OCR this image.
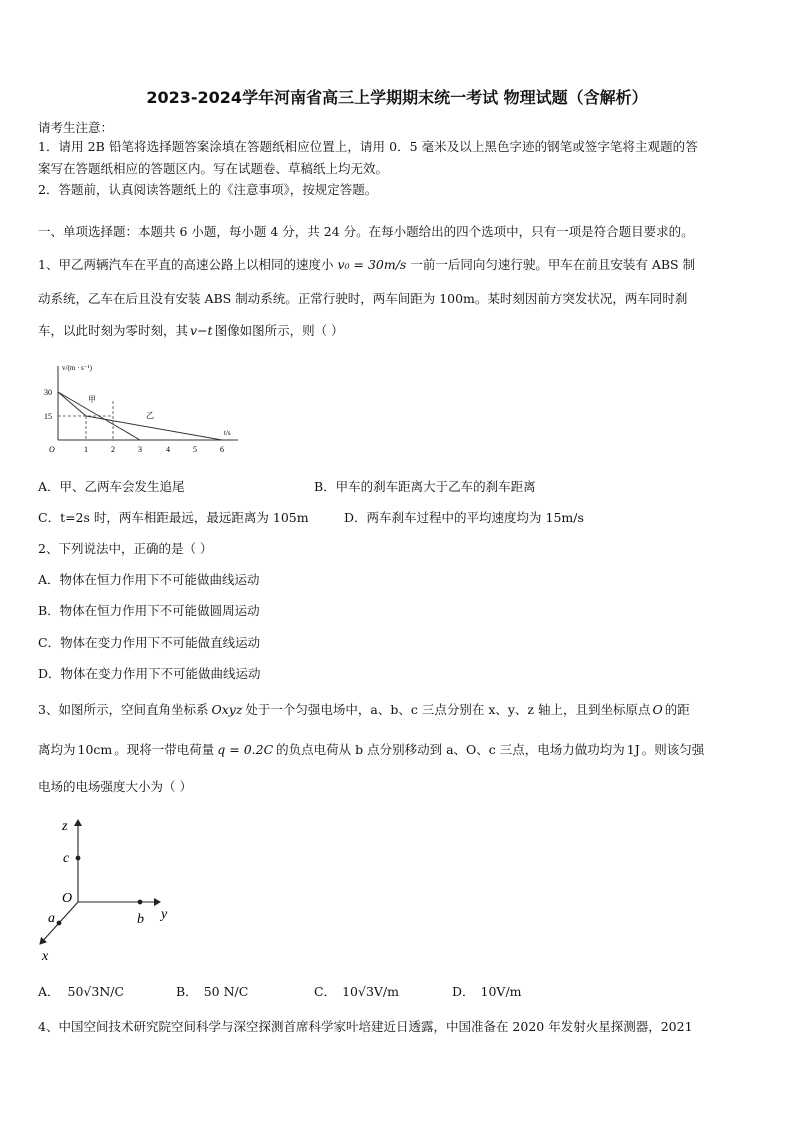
2023-2024学年河南省高三上学期期末统一考试 物理试题（含解析）
请考生注意：
1．请用 2B 铅笔将选择题答案涂填在答题纸相应位置上，请用 0．5 毫米及以上黑色字迹的钢笔或签字笔将主观题的答
案写在答题纸相应的答题区内。写在试题卷、草稿纸上均无效。
2．答题前，认真阅读答题纸上的《注意事项》，按规定答题。
一、单项选择题：本题共 6 小题，每小题 4 分，共 24 分。在每小题给出的四个选项中，只有一项是符合题目要求的。
1、甲乙两辆汽车在平直的高速公路上以相同的速度小 v₀ = 30m/s 一前一后同向匀速行驶。甲车在前且安装有 ABS 制
动系统，乙车在后且没有安装 ABS 制动系统。正常行驶时，两车间距为 100m。某时刻因前方突发状况，两车同时刹
车，以此时刻为零时刻，其 v−t 图像如图所示，则（ ）
v/(m · s⁻¹)
t/s
O
30
15
1	2	3	4	5	6
甲
乙
A．甲、乙两车会发生追尾	B．甲车的刹车距离大于乙车的刹车距离
C．t=2s 时，两车相距最远，最远距离为 105m	D．两车刹车过程中的平均速度均为 15m/s
2、下列说法中，正确的是（ ）
A．物体在恒力作用下不可能做曲线运动
B．物体在恒力作用下不可能做圆周运动
C．物体在变力作用下不可能做直线运动
D．物体在变力作用下不可能做曲线运动
3、如图所示，空间直角坐标系 Oxyz 处于一个匀强电场中，a、b、c 三点分别在 x、y、z 轴上，且到坐标原点 O 的距
离均为 10cm 。现将一带电荷量 q = 0.2C 的负点电荷从 b 点分别移动到 a、O、c 三点，电场力做功均为 1J 。则该匀强
电场的电场强度大小为（ ）
z
c
O
a	b y
x
A． 50√3N/C	B． 50 N/C	C． 10√3V/m	D． 10V/m
4、中国空间技术研究院空间科学与深空探测首席科学家叶培建近日透露，中国准备在 2020 年发射火星探测器，2021
